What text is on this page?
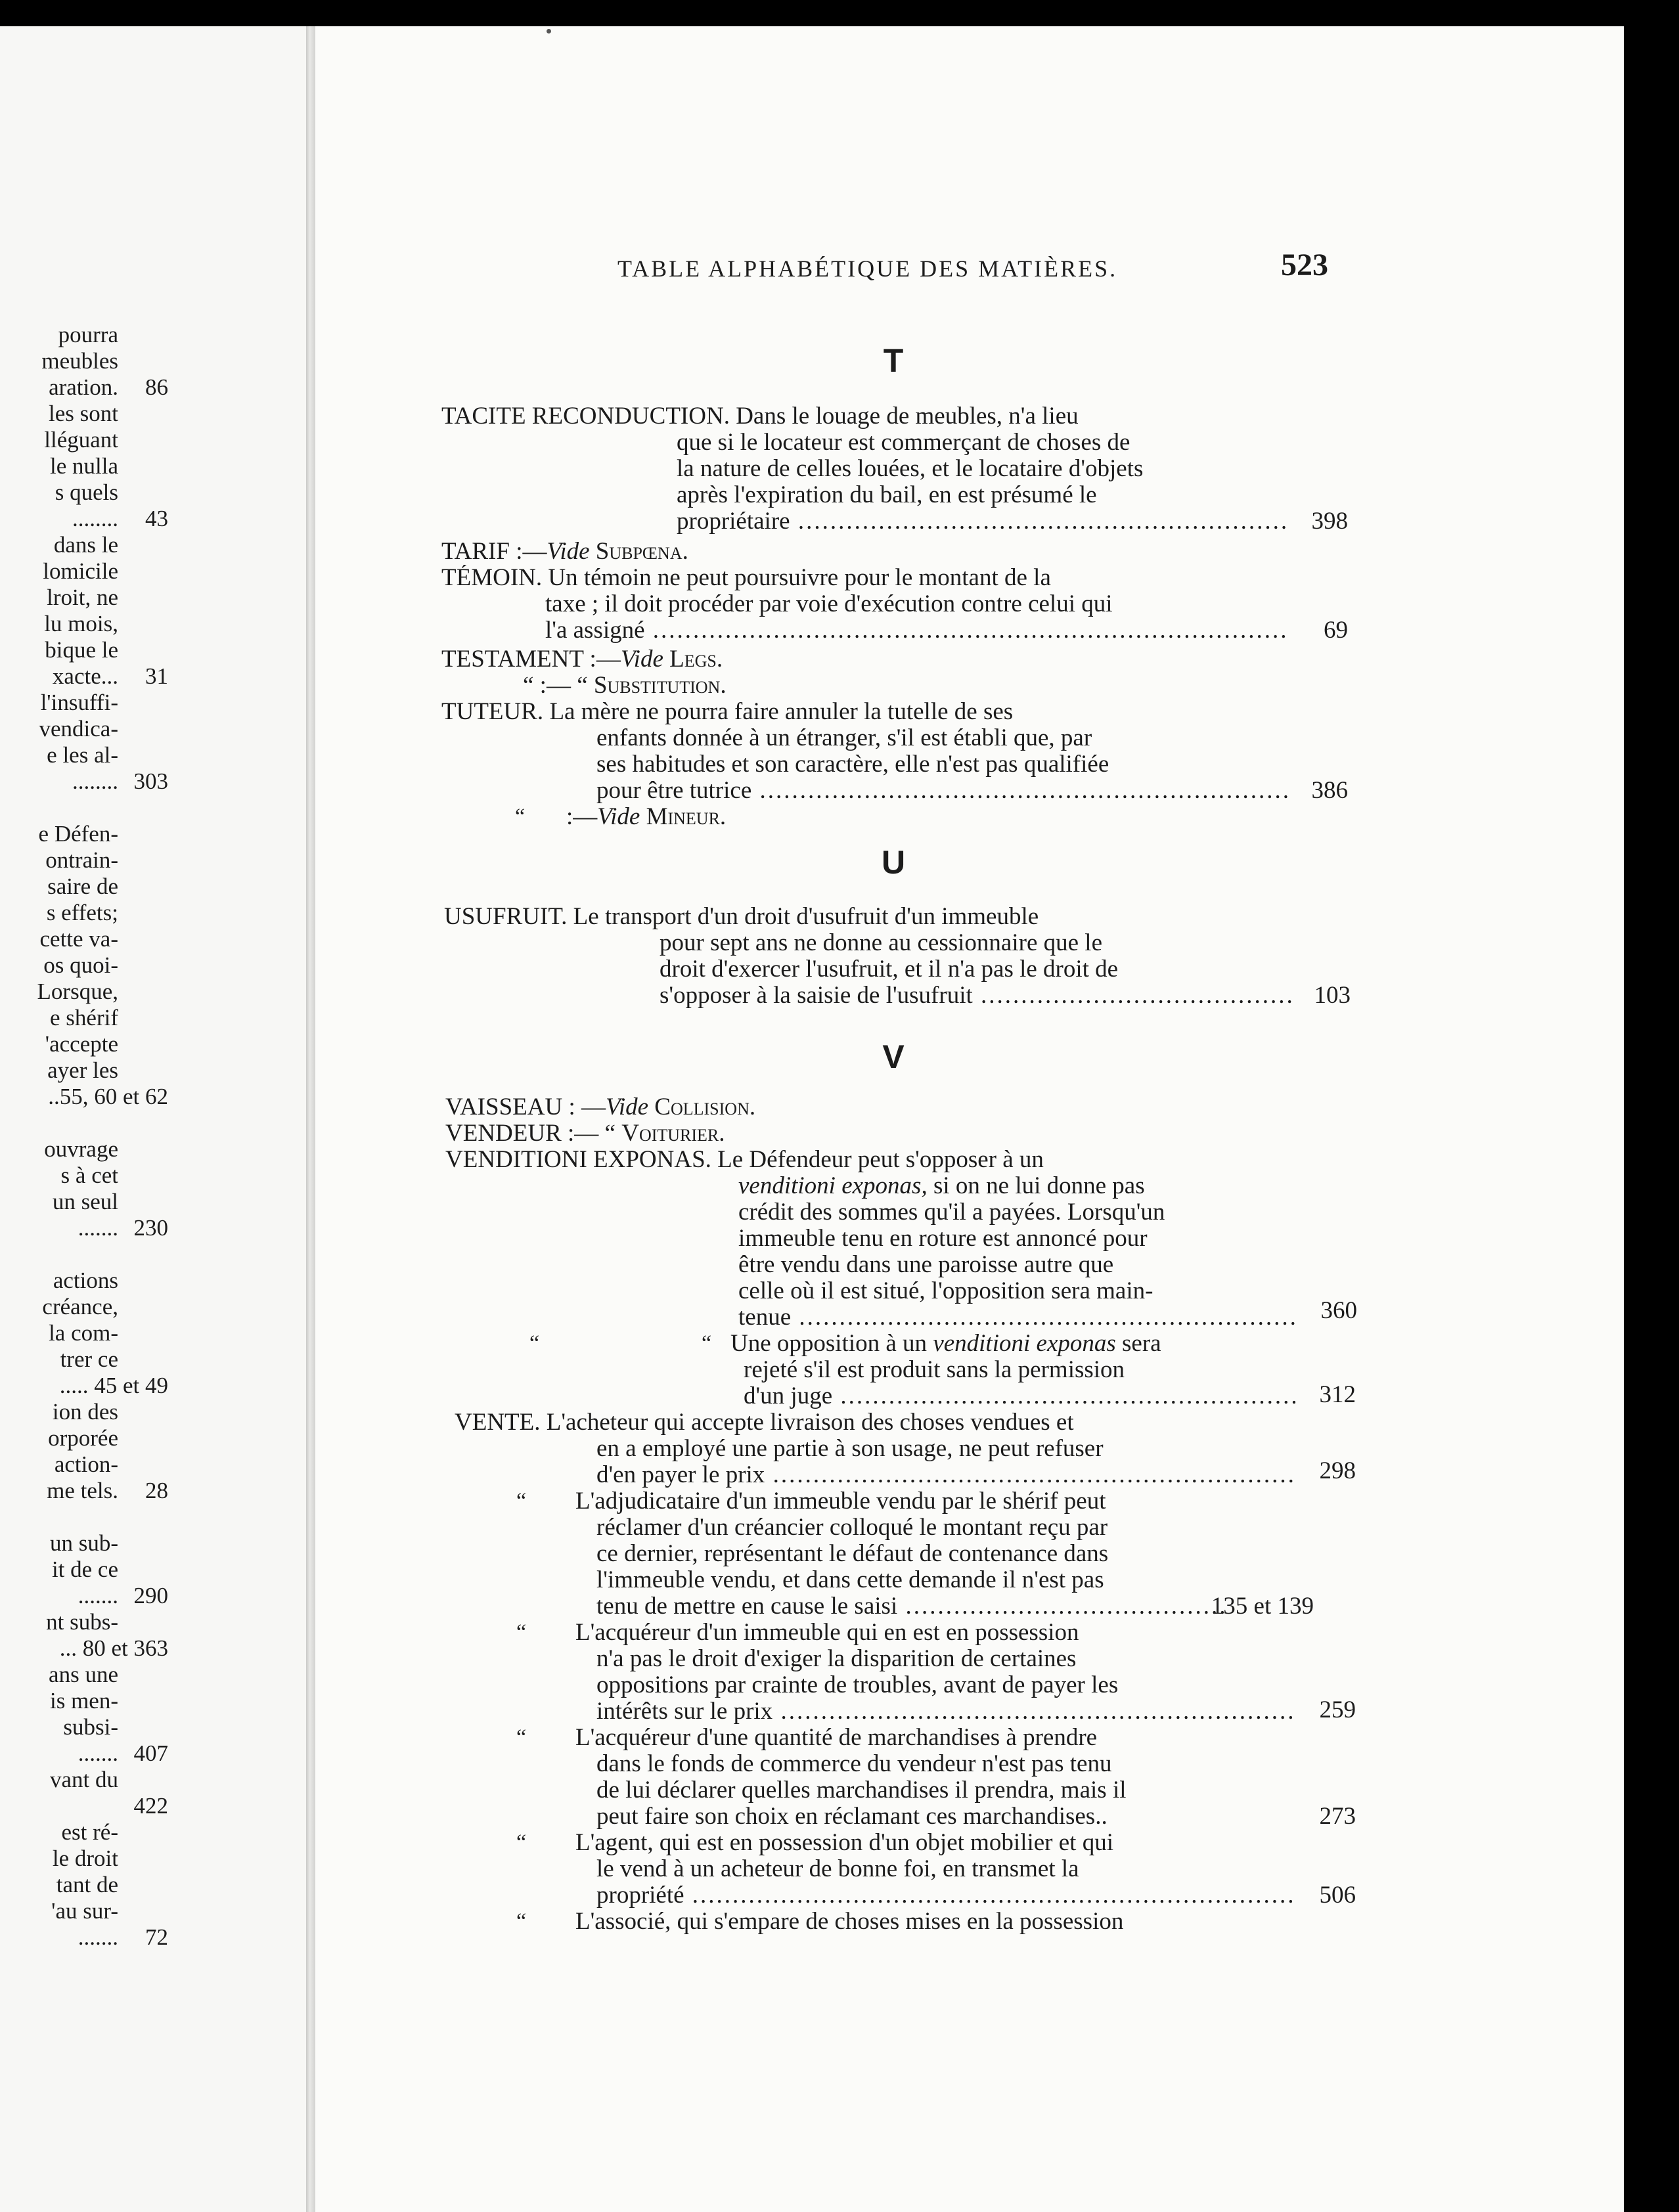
pourra
meubles
aration.	86
les sont
lléguant
le nulla
s quels
........	43
dans le
lomicile
lroit, ne
lu mois,
bique le
xacte...	31
l'insuffi-
vendica-
e les al-
........ 303
e Défen-
ontrain-
saire de
s effets;
cette va-
os quoi-
Lorsque,
e shérif
'accepte
ayer les
..55, 60 et 62
ouvrage
s à cet
un seul
....... 230
actions
créance,
la com-
trer ce
..... 45 et 49
ion des
orporée
action-
me tels.	28
un sub-
it de ce
....... 290
nt subs-
... 80 et 363
ans une
is men-
subsi-
....... 407
vant du
422
est ré-
le droit
tant de
'au sur-
.......	72
TABLE ALPHABÉTIQUE DES MATIÈRES.	523
T
TACITE RECONDUCTION. Dans le louage de meubles, n'a lieu
que si le locateur est commerçant de choses de
la nature de celles louées, et le locataire d'objets
après l'expiration du bail, en est présumé le
propriétaire .....	398
TARIF :—Vide Subpœna.
TÉMOIN. Un témoin ne peut poursuivre pour le montant de la
taxe ; il doit procéder par voie d'exécution contre celui qui
l'a assigné .....	69
TESTAMENT :—Vide Legs.
“ :— “ Substitution.
TUTEUR. La mère ne pourra faire annuler la tutelle de ses
enfants donnée à un étranger, s'il est établi que, par
ses habitudes et son caractère, elle n'est pas qualifiée
pour être tutrice .....	386
“ :—Vide Mineur.
U
USUFRUIT. Le transport d'un droit d'usufruit d'un immeuble
pour sept ans ne donne au cessionnaire que le
droit d'exercer l'usufruit, et il n'a pas le droit de
s'opposer à la saisie de l'usufruit .....	103
V
VAISSEAU : —Vide Collision.
VENDEUR :— “ Voiturier.
VENDITIONI EXPONAS. Le Défendeur peut s'opposer à un
venditioni exponas, si on ne lui donne pas
crédit des sommes qu'il a payées. Lorsqu'un
immeuble tenu en roture est annoncé pour
être vendu dans une paroisse autre que
celle où il est situé, l'opposition sera main-
tenue .....	360
“	“ Une opposition à un venditioni exponas sera
rejeté s'il est produit sans la permission
d'un juge .....	312
VENTE. L'acheteur qui accepte livraison des choses vendues et
en a employé une partie à son usage, ne peut refuser
d'en payer le prix .....	298
“ L'adjudicataire d'un immeuble vendu par le shérif peut
réclamer d'un créancier colloqué le montant reçu par
ce dernier, représentant le défaut de contenance dans
l'immeuble vendu, et dans cette demande il n'est pas
tenu de mettre en cause le saisi .....	135 et 139
“ L'acquéreur d'un immeuble qui en est en possession
n'a pas le droit d'exiger la disparition de certaines
oppositions par crainte de troubles, avant de payer les
intérêts sur le prix .....	259
“ L'acquéreur d'une quantité de marchandises à prendre
dans le fonds de commerce du vendeur n'est pas tenu
de lui déclarer quelles marchandises il prendra, mais il
peut faire son choix en réclamant ces marchandises..	273
“ L'agent, qui est en possession d'un objet mobilier et qui
le vend à un acheteur de bonne foi, en transmet la
propriété .....	506
“ L'associé, qui s'empare de choses mises en la possession
